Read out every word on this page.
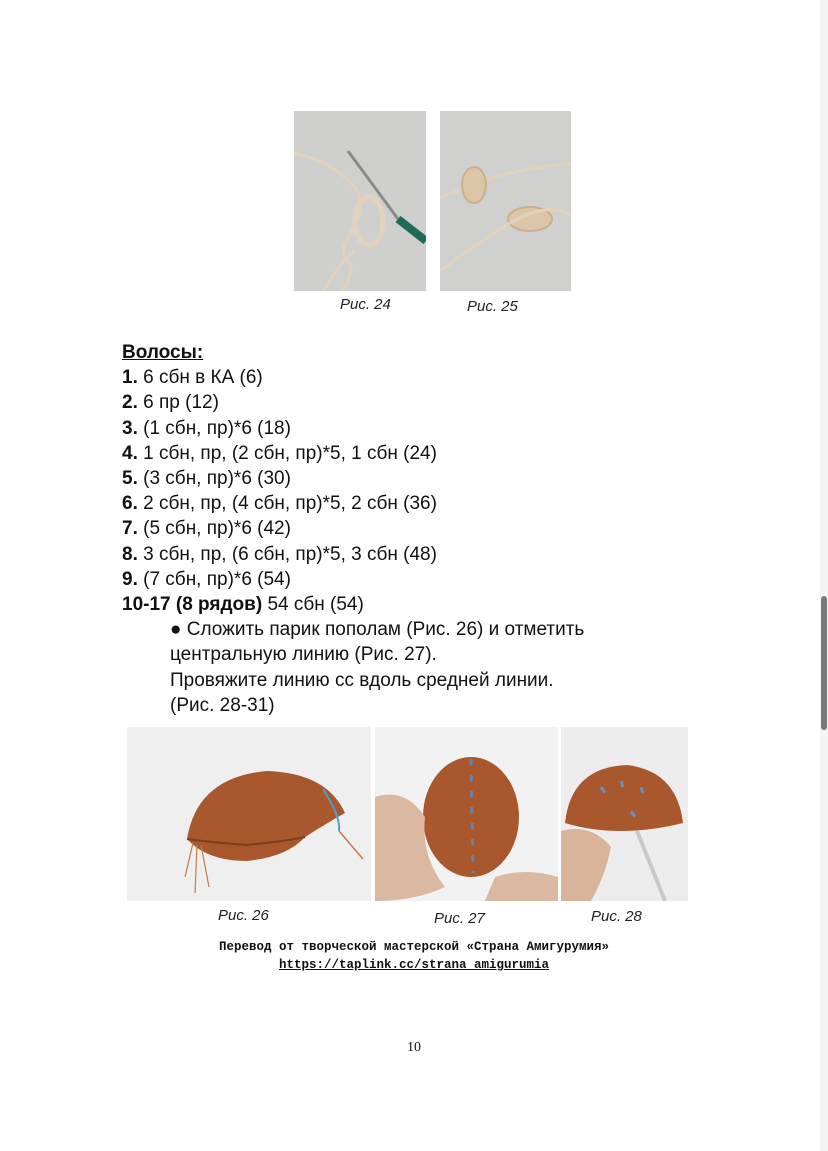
Рис. 24	Рис. 25
Волосы:
1. 6 сбн в КА (6)
2. 6 пр (12)
3. (1 сбн, пр)*6 (18)
4. 1 сбн, пр, (2 сбн, пр)*5, 1 сбн (24)
5. (3 сбн, пр)*6 (30)
6. 2 сбн, пр, (4 сбн, пр)*5, 2 сбн (36)
7. (5 сбн, пр)*6 (42)
8. 3 сбн, пр, (6 сбн, пр)*5, 3 сбн (48)
9. (7 сбн, пр)*6 (54)
10-17 (8 рядов) 54 сбн (54)
● Сложить парик пополам (Рис. 26) и отметить
центральную линию (Рис. 27).
Провяжите линию сс вдоль средней линии.
(Рис. 28-31)
Рис. 26	Рис. 27	Рис. 28
Перевод от творческой мастерской «Страна Амигурумия»
https://taplink.cc/strana_amigurumia
10
